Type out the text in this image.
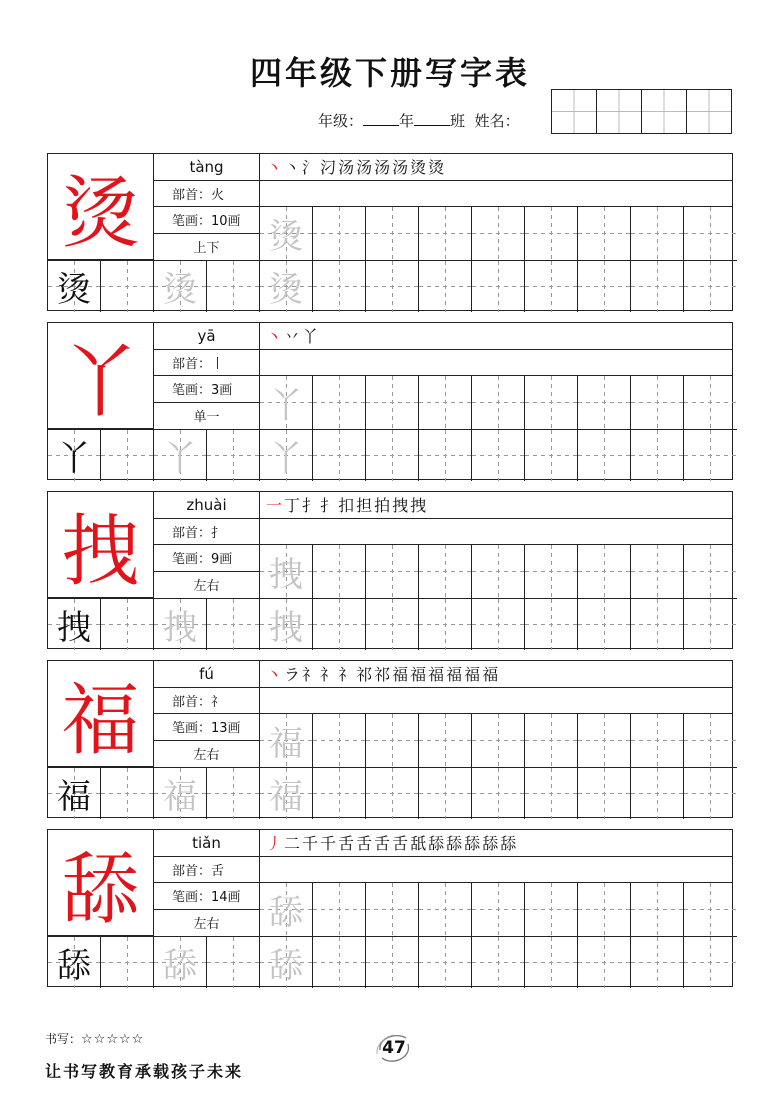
四年级下册写字表
年级： 年 班 姓名：
烫
tàng
部首：火
笔画：10画
上下
丶 丶 氵 汈 汤 汤 汤 汤 烫 烫
烫
烫 烫 烫
丫
yā
部首：丨
笔画：3画
单一
丶 丷 丫
丫
丫 丫 丫
拽
zhuài
部首：扌
笔画：9画
左右
一 丁 扌 扌 扣 担 拍 拽 拽
拽
拽 拽 拽
福
fú
部首：礻
笔画：13画
左右
丶 ラ 礻 礻 礻 祁 祁 福 福 福 福 福 福
福
福 福 福
舔
tiǎn
部首：舌
笔画：14画
左右
丿 二 千 千 舌 舌 舌 舌 舐 舔 舔 舔 舔 舔
舔
舔 舔 舔
书写：☆☆☆☆☆	47
让书写教育承载孩子未来
